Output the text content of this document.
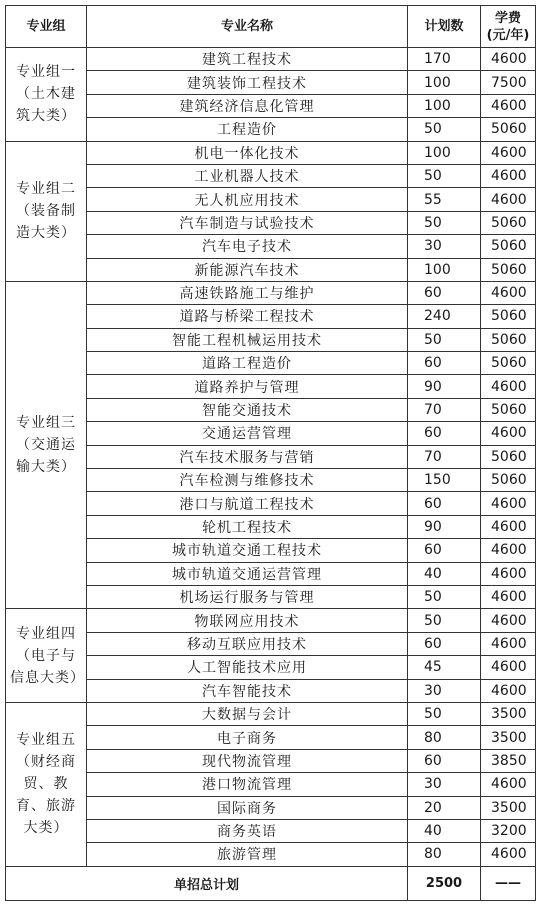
专业组	专业名称	计划数	学费
(元/年)

专业组一（土木建筑大类）	建筑工程技术	170	4600
	建筑装饰工程技术	100	7500
	建筑经济信息化管理	100	4600
	工程造价	50	5060
专业组二（装备制造大类）	机电一体化技术	100	4600
	工业机器人技术	50	4600
	无人机应用技术	55	4600
	汽车制造与试验技术	50	5060
	汽车电子技术	30	5060
	新能源汽车技术	100	5060
专业组三（交通运输大类）	高速铁路施工与维护	60	4600
	道路与桥梁工程技术	240	5060
	智能工程机械运用技术	50	5060
	道路工程造价	60	5060
	道路养护与管理	90	4600
	智能交通技术	70	5060
	交通运营管理	60	4600
	汽车技术服务与营销	70	5060
	汽车检测与维修技术	150	5060
	港口与航道工程技术	60	4600
	轮机工程技术	90	4600
	城市轨道交通工程技术	60	4600
	城市轨道交通运营管理	40	4600
	机场运行服务与管理	50	4600
专业组四（电子与信息大类）	物联网应用技术	50	4600
	移动互联应用技术	60	4600
	人工智能技术应用	45	4600
	汽车智能技术	30	4600
专业组五（财经商贸、教育、旅游大类）	大数据与会计	50	3500
	电子商务	80	3500
	现代物流管理	60	3850
	港口物流管理	30	4600
	国际商务	20	3500
	商务英语	40	3200
	旅游管理	80	4600
单招总计划		2500	——
